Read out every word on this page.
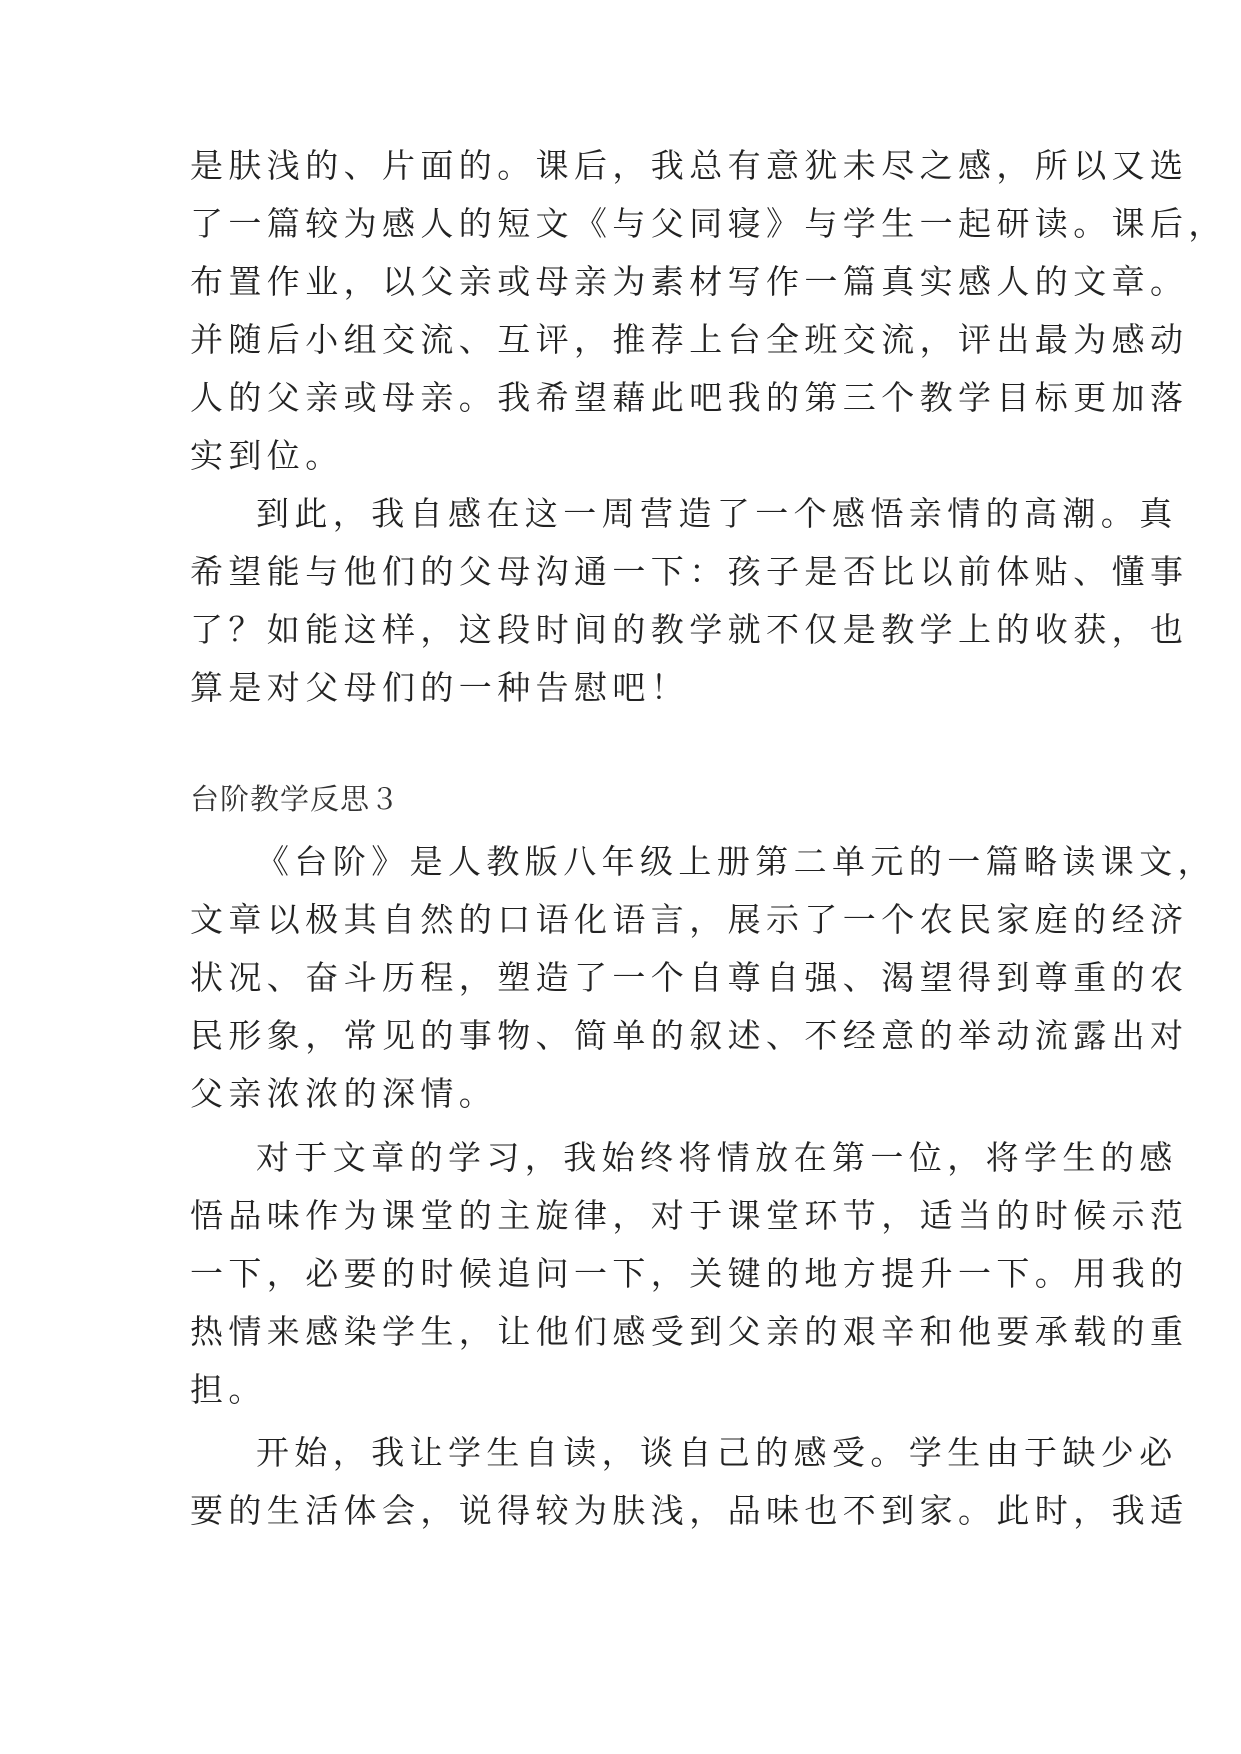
是肤浅的、片面的。课后，我总有意犹未尽之感，所以又选
了一篇较为感人的短文《与父同寝》与学生一起研读。课后，
布置作业，以父亲或母亲为素材写作一篇真实感人的文章。
并随后小组交流、互评，推荐上台全班交流，评出最为感动
人的父亲或母亲。我希望藉此吧我的第三个教学目标更加落
实到位。
到此，我自感在这一周营造了一个感悟亲情的高潮。真
希望能与他们的父母沟通一下：孩子是否比以前体贴、懂事
了？如能这样，这段时间的教学就不仅是教学上的收获，也
算是对父母们的一种告慰吧！
台阶教学反思３
《台阶》是人教版八年级上册第二单元的一篇略读课文，
文章以极其自然的口语化语言，展示了一个农民家庭的经济
状况、奋斗历程，塑造了一个自尊自强、渴望得到尊重的农
民形象，常见的事物、简单的叙述、不经意的举动流露出对
父亲浓浓的深情。
对于文章的学习，我始终将情放在第一位，将学生的感
悟品味作为课堂的主旋律，对于课堂环节，适当的时候示范
一下，必要的时候追问一下，关键的地方提升一下。用我的
热情来感染学生，让他们感受到父亲的艰辛和他要承载的重
担。
开始，我让学生自读，谈自己的感受。学生由于缺少必
要的生活体会，说得较为肤浅，品味也不到家。此时，我适
